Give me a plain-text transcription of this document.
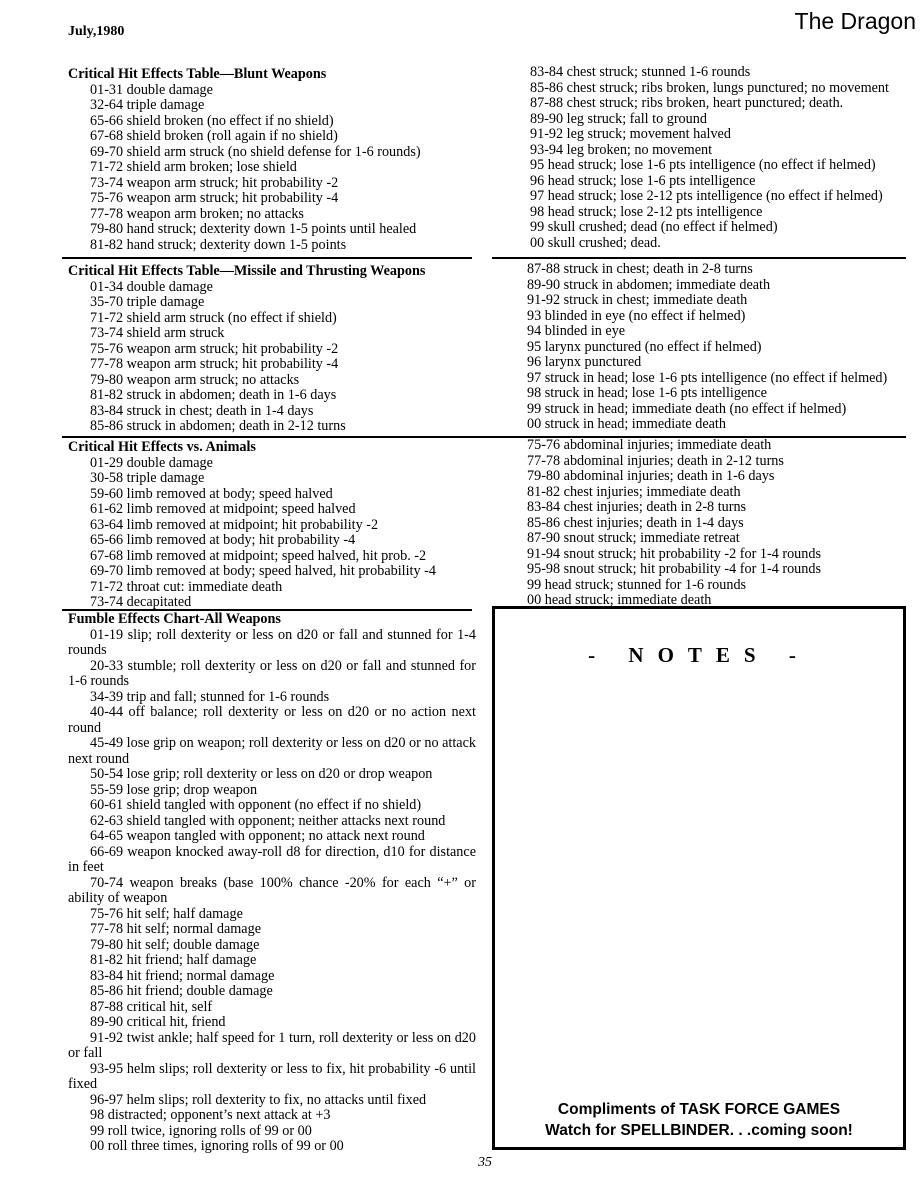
July,1980	The Dragon
Critical Hit Effects Table—Blunt Weapons
01-31 double damage
32-64 triple damage
65-66 shield broken (no effect if no shield)
67-68 shield broken (roll again if no shield)
69-70 shield arm struck (no shield defense for 1-6 rounds)
71-72 shield arm broken; lose shield
73-74 weapon arm struck; hit probability -2
75-76 weapon arm struck; hit probability -4
77-78 weapon arm broken; no attacks
79-80 hand struck; dexterity down 1-5 points until healed
81-82 hand struck; dexterity down 1-5 points
83-84 chest struck; stunned 1-6 rounds
85-86 chest struck; ribs broken, lungs punctured; no movement
87-88 chest struck; ribs broken, heart punctured; death.
89-90 leg struck; fall to ground
91-92 leg struck; movement halved
93-94 leg broken; no movement
95 head struck; lose 1-6 pts intelligence (no effect if helmed)
96 head struck; lose 1-6 pts intelligence
97 head struck; lose 2-12 pts intelligence (no effect if helmed)
98 head struck; lose 2-12 pts intelligence
99 skull crushed; dead (no effect if helmed)
00 skull crushed; dead.
Critical Hit Effects Table—Missile and Thrusting Weapons
01-34 double damage
35-70 triple damage
71-72 shield arm struck (no effect if shield)
73-74 shield arm struck
75-76 weapon arm struck; hit probability -2
77-78 weapon arm struck; hit probability -4
79-80 weapon arm struck; no attacks
81-82 struck in abdomen; death in 1-6 days
83-84 struck in chest; death in 1-4 days
85-86 struck in abdomen; death in 2-12 turns
87-88 struck in chest; death in 2-8 turns
89-90 struck in abdomen; immediate death
91-92 struck in chest; immediate death
93 blinded in eye (no effect if helmed)
94 blinded in eye
95 larynx punctured (no effect if helmed)
96 larynx punctured
97 struck in head; lose 1-6 pts intelligence (no effect if helmed)
98 struck in head; lose 1-6 pts intelligence
99 struck in head; immediate death (no effect if helmed)
00 struck in head; immediate death
Critical Hit Effects vs. Animals
01-29 double damage
30-58 triple damage
59-60 limb removed at body; speed halved
61-62 limb removed at midpoint; speed halved
63-64 limb removed at midpoint; hit probability -2
65-66 limb removed at body; hit probability -4
67-68 limb removed at midpoint; speed halved, hit prob. -2
69-70 limb removed at body; speed halved, hit probability -4
71-72 throat cut: immediate death
73-74 decapitated
75-76 abdominal injuries; immediate death
77-78 abdominal injuries; death in 2-12 turns
79-80 abdominal injuries; death in 1-6 days
81-82 chest injuries; immediate death
83-84 chest injuries; death in 2-8 turns
85-86 chest injuries; death in 1-4 days
87-90 snout struck; immediate retreat
91-94 snout struck; hit probability -2 for 1-4 rounds
95-98 snout struck; hit probability -4 for 1-4 rounds
99 head struck; stunned for 1-6 rounds
00 head struck; immediate death
Fumble Effects Chart-All Weapons
01-19 slip; roll dexterity or less on d20 or fall and stunned for 1-4 rounds
20-33 stumble; roll dexterity or less on d20 or fall and stunned for 1-6 rounds
34-39 trip and fall; stunned for 1-6 rounds
40-44 off balance; roll dexterity or less on d20 or no action next round
45-49 lose grip on weapon; roll dexterity or less on d20 or no attack next round
50-54 lose grip; roll dexterity or less on d20 or drop weapon
55-59 lose grip; drop weapon
60-61 shield tangled with opponent (no effect if no shield)
62-63 shield tangled with opponent; neither attacks next round
64-65 weapon tangled with opponent; no attack next round
66-69 weapon knocked away-roll d8 for direction, d10 for distance in feet
70-74 weapon breaks (base 100% chance -20% for each “+” or ability of weapon
75-76 hit self; half damage
77-78 hit self; normal damage
79-80 hit self; double damage
81-82 hit friend; half damage
83-84 hit friend; normal damage
85-86 hit friend; double damage
87-88 critical hit, self
89-90 critical hit, friend
91-92 twist ankle; half speed for 1 turn, roll dexterity or less on d20 or fall
93-95 helm slips; roll dexterity or less to fix, hit probability -6 until fixed
96-97 helm slips; roll dexterity to fix, no attacks until fixed
98 distracted; opponent’s next attack at +3
99 roll twice, ignoring rolls of 99 or 00
00 roll three times, ignoring rolls of 99 or 00
- NOTES -
Compliments of TASK FORCE GAMES
Watch for SPELLBINDER. . .coming soon!
35
